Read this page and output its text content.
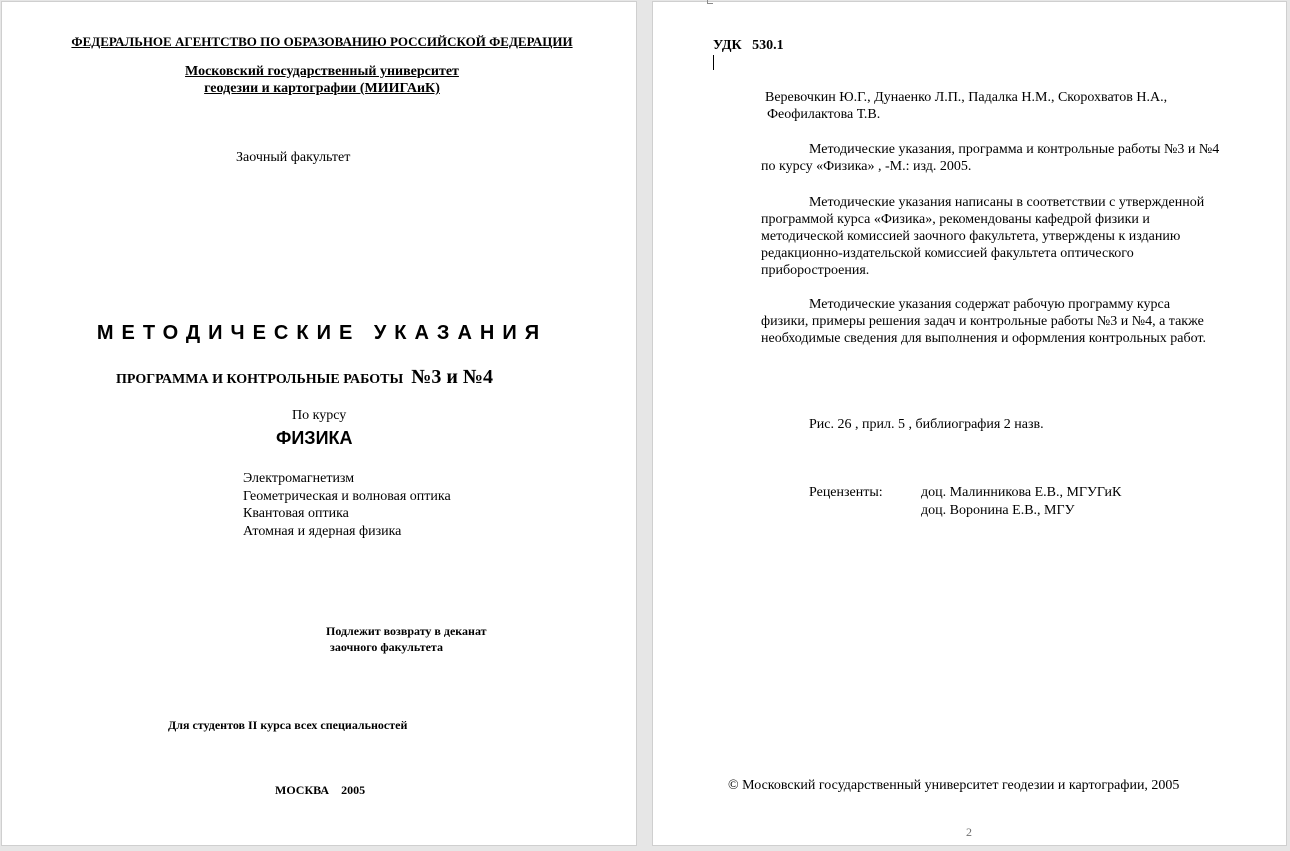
ФЕДЕРАЛЬНОЕ АГЕНТСТВО ПО ОБРАЗОВАНИЮ РОССИЙСКОЙ ФЕДЕРАЦИИ
Московский государственный университет
геодезии и картографии (МИИГАиК)
Заочный факультет
МЕТОДИЧЕСКИЕ УКАЗАНИЯ
ПРОГРАММА И КОНТРОЛЬНЫЕ РАБОТЫ №3 и №4
По курсу
ФИЗИКА
Электромагнетизм
Геометрическая и волновая оптика
Квантовая оптика
Атомная и ядерная физика
Подлежит возврату в деканат
заочного факультета
Для студентов II курса всех специальностей
МОСКВА    2005
УДК   530.1
Веревочкин Ю.Г., Дунаенко Л.П., Падалка Н.М., Скорохватов Н.А.,
Феофилактова Т.В.
Методические указания, программа и контрольные работы №3 и №4 по курсу «Физика» , -М.: изд. 2005.
Методические указания написаны в соответствии с утвержденной программой курса «Физика», рекомендованы кафедрой физики и методической комиссией заочного факультета, утверждены к изданию редакционно-издательской комиссией факультета оптического приборостроения.
Методические указания содержат рабочую программу курса физики, примеры решения задач и контрольные работы №3 и №4, а также необходимые сведения для выполнения и оформления контрольных работ.
Рис. 26 , прил. 5 , библиография 2 назв.
Рецензенты:	доц. Малинникова Е.В., МГУГиК
доц. Воронина Е.В., МГУ
© Московский государственный университет геодезии и картографии, 2005
2
